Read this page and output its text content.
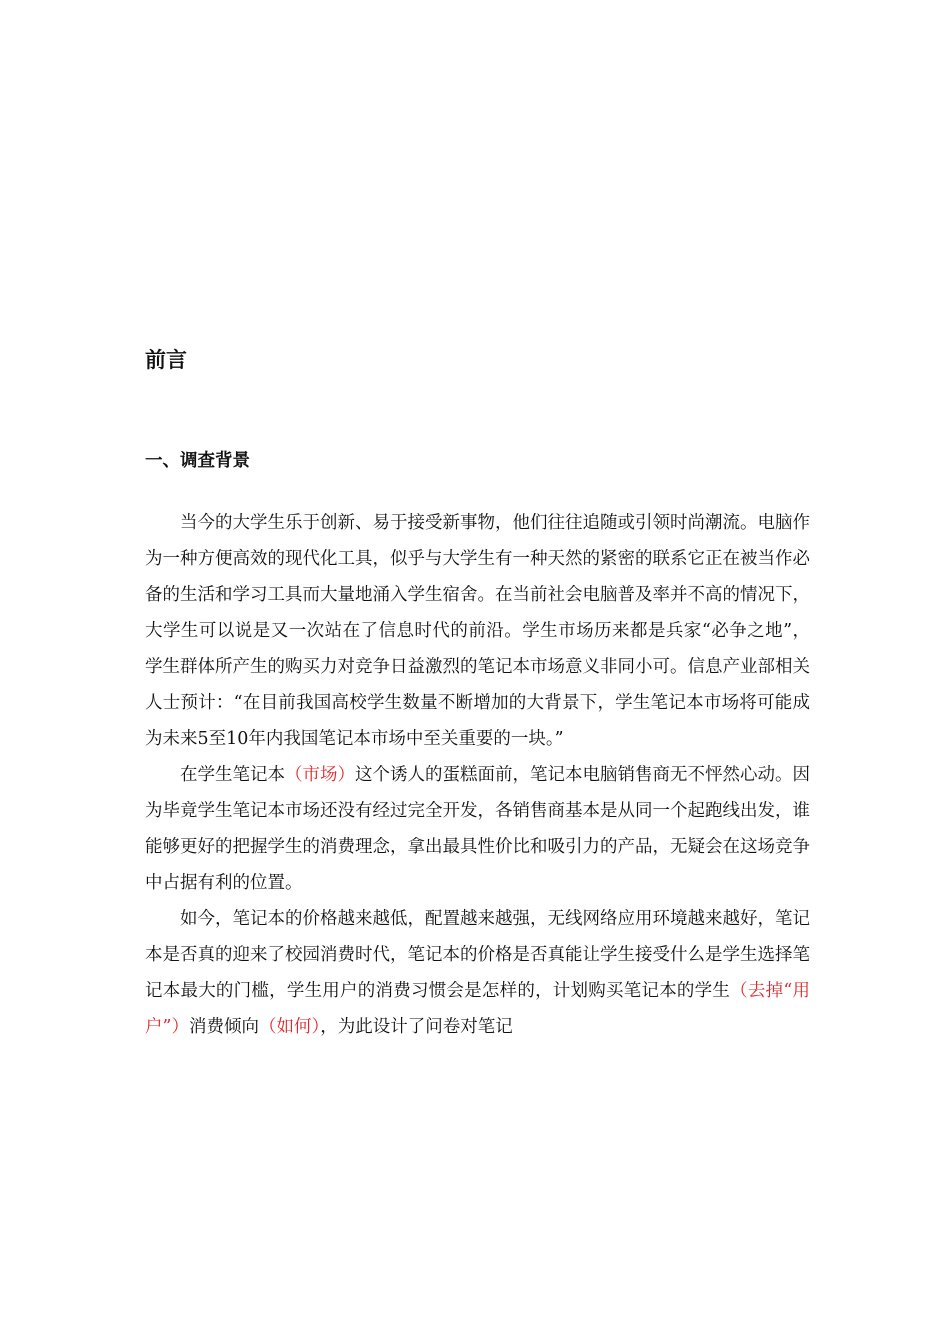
前言
一、调查背景

当今的大学生乐于创新、易于接受新事物，他们往往追随或引领时尚潮流。电脑作为一种方便高效的现代化工具，似乎与大学生有一种天然的紧密的联系它正在被当作必备的生活和学习工具而大量地涌入学生宿舍。在当前社会电脑普及率并不高的情况下，大学生可以说是又一次站在了信息时代的前沿。学生市场历来都是兵家“必争之地”，学生群体所产生的购买力对竞争日益激烈的笔记本市场意义非同小可。信息产业部相关人士预计：“在目前我国高校学生数量不断增加的大背景下，学生笔记本市场将可能成为未来5至10年内我国笔记本市场中至关重要的一块。”

在学生笔记本（市场）这个诱人的蛋糕面前，笔记本电脑销售商无不怦然心动。因为毕竟学生笔记本市场还没有经过完全开发，各销售商基本是从同一个起跑线出发，谁能够更好的把握学生的消费理念，拿出最具性价比和吸引力的产品，无疑会在这场竞争中占据有利的位置。

如今，笔记本的价格越来越低，配置越来越强，无线网络应用环境越来越好，笔记本是否真的迎来了校园消费时代，笔记本的价格是否真能让学生接受什么是学生选择笔记本最大的门槛，学生用户的消费习惯会是怎样的，计划购买笔记本的学生（去掉“用户”）消费倾向（如何），为此设计了问卷对笔记
